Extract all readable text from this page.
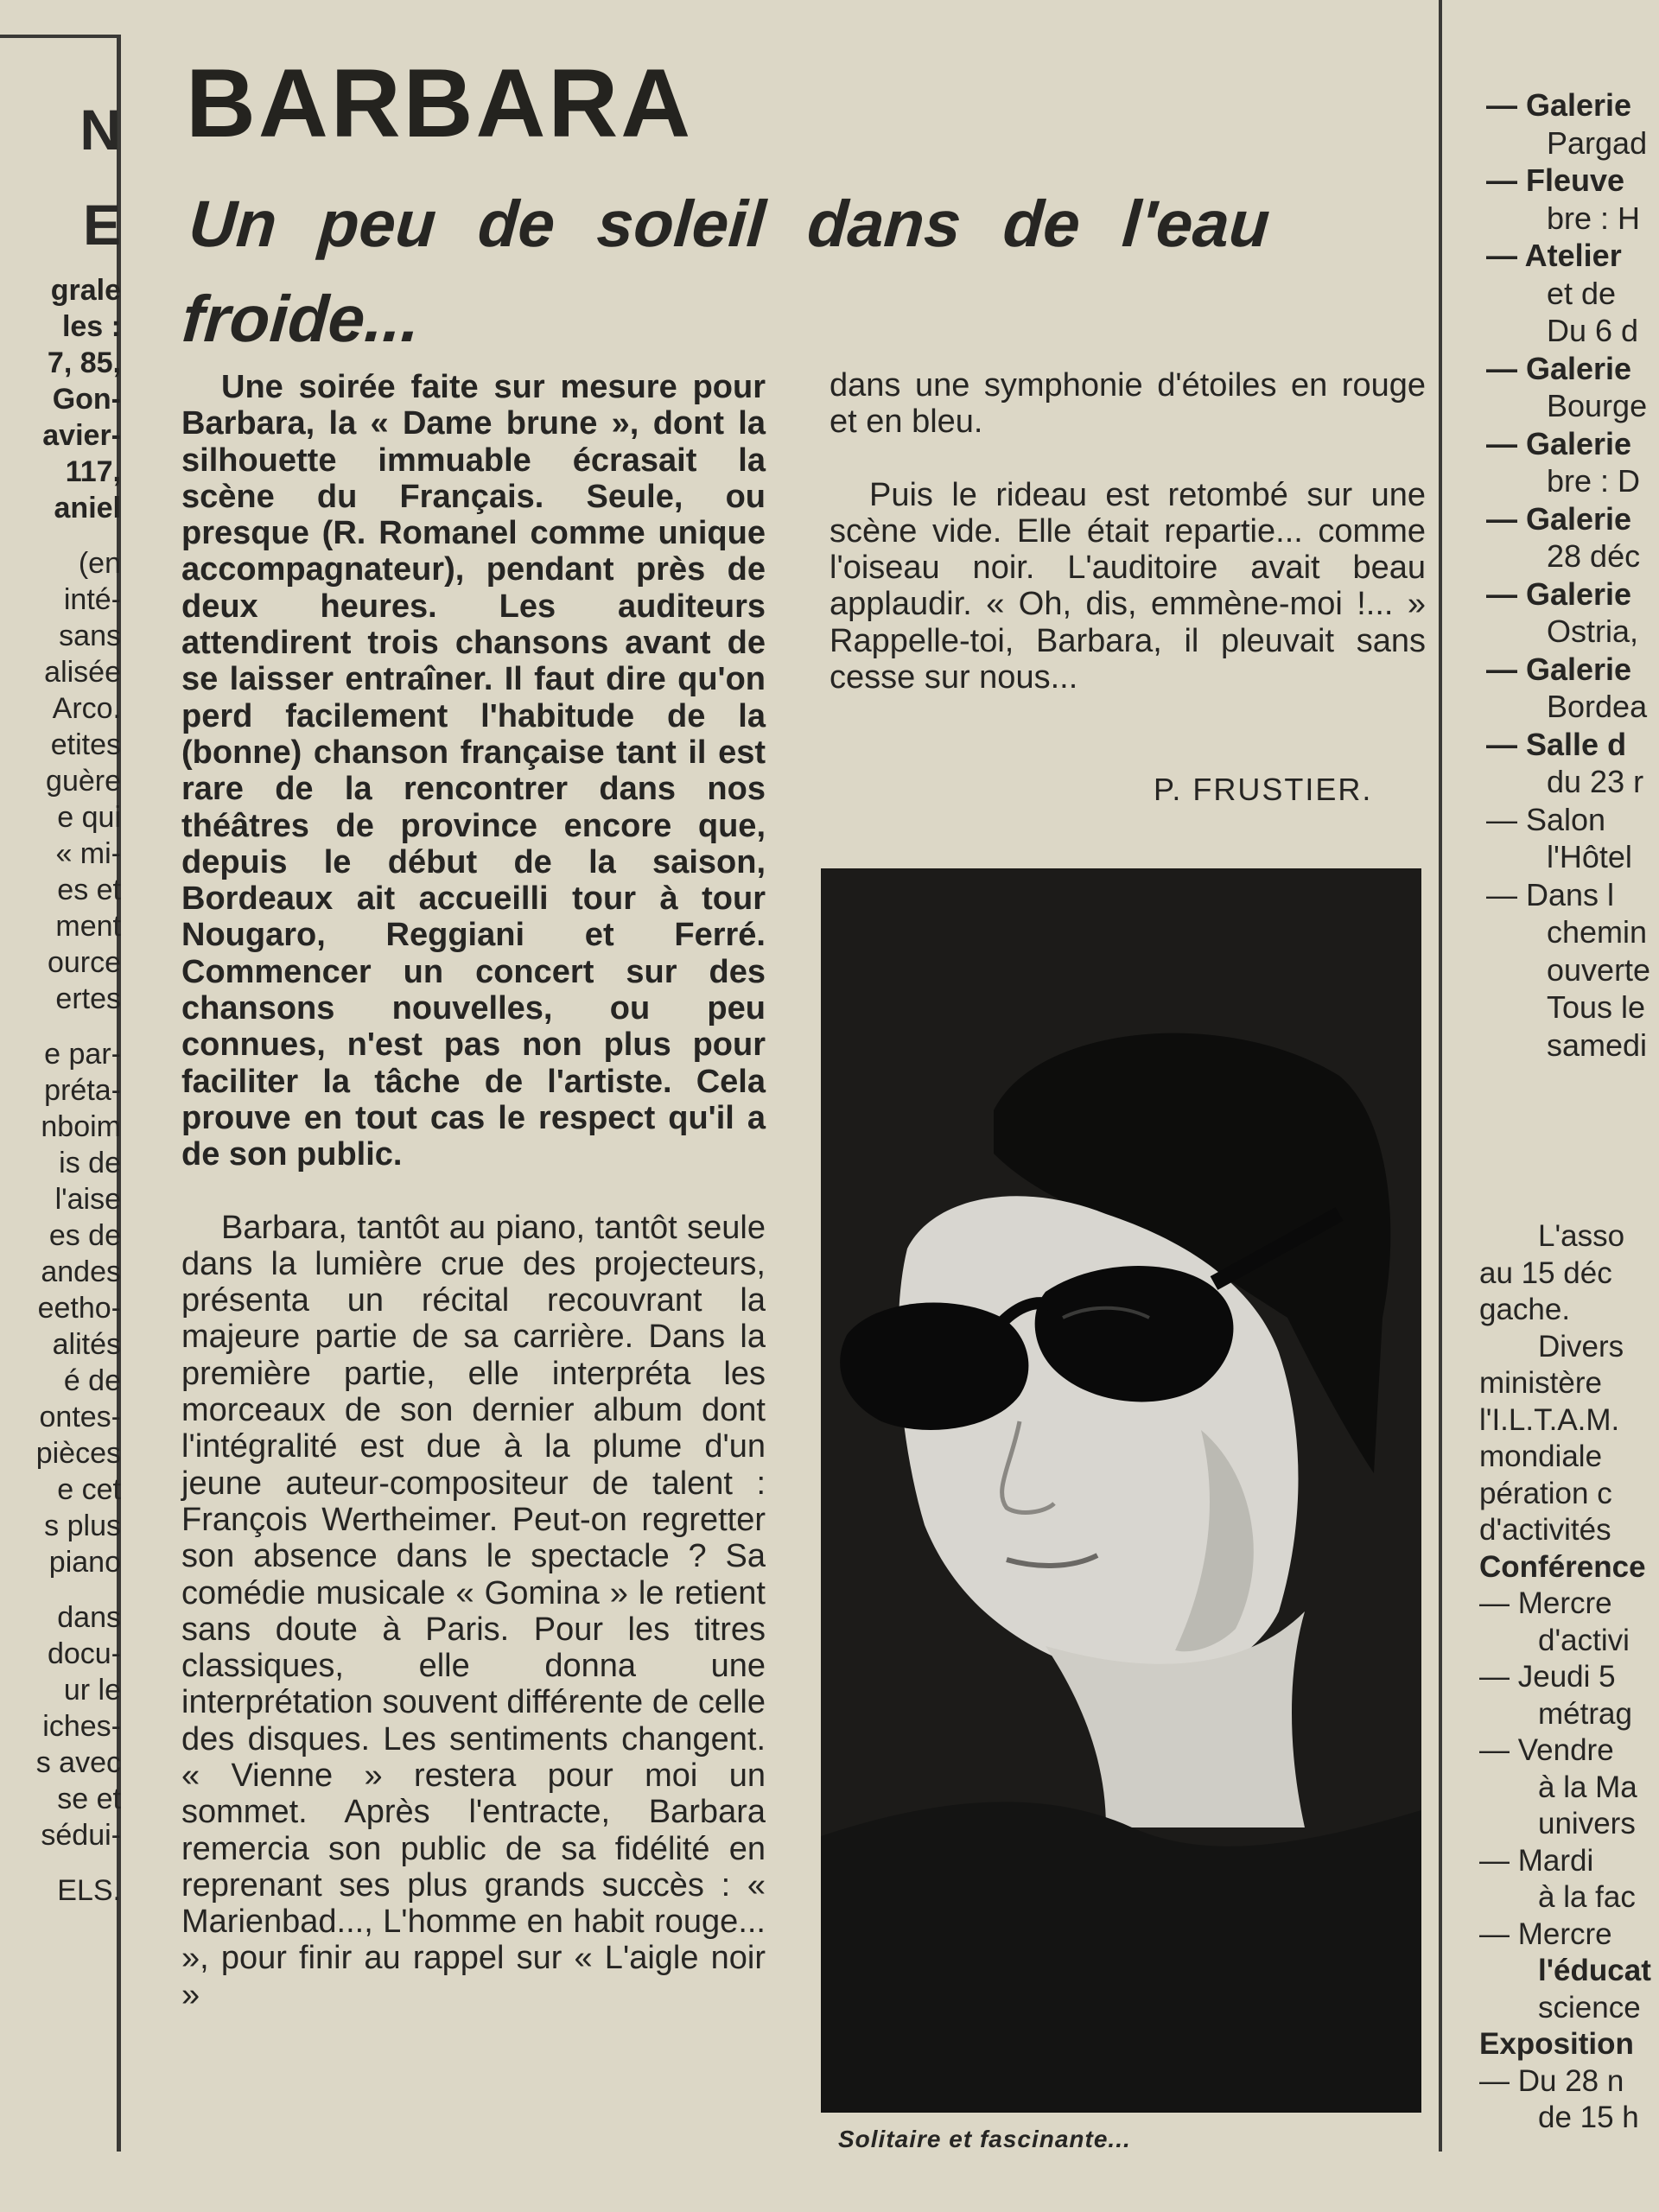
N
E
grale
les :
7, 85,
Gon-
avier-
117,
aniel
(en
inté-
sans
alisée
Arco.
etites
guère
e qui
« mi-
es et
ment
ource
ertes
e par-
prétа-
nboim
is de
l'aise
es de
andes
eetho-
alités
é de
ontes-
pièces
e cet
s plus
piano
dans
docu-
ur le
iches-
s avec
se et
sédui-
ELS.
BARBARA
Un peu de soleil dans de l'eau froide...

Une soirée faite sur mesure pour Barbara, la « Dame brune », dont la silhouette immuable écrasait la scène du Français. Seule, ou presque (R. Romanel comme unique accompagnateur), pendant près de deux heures. Les auditeurs attendirent trois chansons avant de se laisser entraîner. Il faut dire qu'on perd facilement l'habitude de la (bonne) chanson française tant il est rare de la rencontrer dans nos théâtres de province encore que, depuis le début de la saison, Bordeaux ait accueilli tour à tour Nougaro, Reggiani et Ferré. Commencer un concert sur des chansons nouvelles, ou peu connues, n'est pas non plus pour faciliter la tâche de l'artiste. Cela prouve en tout cas le respect qu'il a de son public.

Barbara, tantôt au piano, tantôt seule dans la lumière crue des projecteurs, présenta un récital recouvrant la majeure partie de sa carrière. Dans la première partie, elle interpréta les morceaux de son dernier album dont l'intégralité est due à la plume d'un jeune auteur-compositeur de talent : François Wertheimer. Peut-on regretter son absence dans le spectacle ? Sa comédie musicale « Gomina » le retient sans doute à Paris. Pour les titres classiques, elle donna une interprétation souvent différente de celle des disques. Les sentiments changent. « Vienne » restera pour moi un sommet. Après l'entracte, Barbara remercia son public de sa fidélité en reprenant ses plus grands succès : « Marienbad..., L'homme en habit rouge... », pour finir au rappel sur « L'aigle noir »

dans une symphonie d'étoiles en rouge et en bleu.

Puis le rideau est retombé sur une scène vide. Elle était repartie... comme l'oiseau noir. L'auditoire avait beau applaudir. « Oh, dis, emmène-moi !... » Rappelle-toi, Barbara, il pleuvait sans cesse sur nous...

P. FRUSTIER.
Solitaire et fascinante...
— Galerie
Pargad
— Fleuve
bre : H
— Atelier
et de
Du 6 d
— Galerie
Bourge
— Galerie
bre : D
— Galerie
28 déc
— Galerie
Ostria,
— Galerie
Bordea
— Salle d
du 23 r
— Salon
l'Hôtel
— Dans l
chemin
ouverte
Tous le
samedi
L'asso
au 15 déc
gache.
Divers
ministère
l'I.L.T.A.M.
mondiale
pération c
d'activités
Conférence
— Mercre
d'activi
— Jeudi 5
métrag
— Vendre
à la Ma
univers
— Mardi
à la fac
— Mercre
l'éducat
science
Exposition
— Du 28 n
de 15 h
